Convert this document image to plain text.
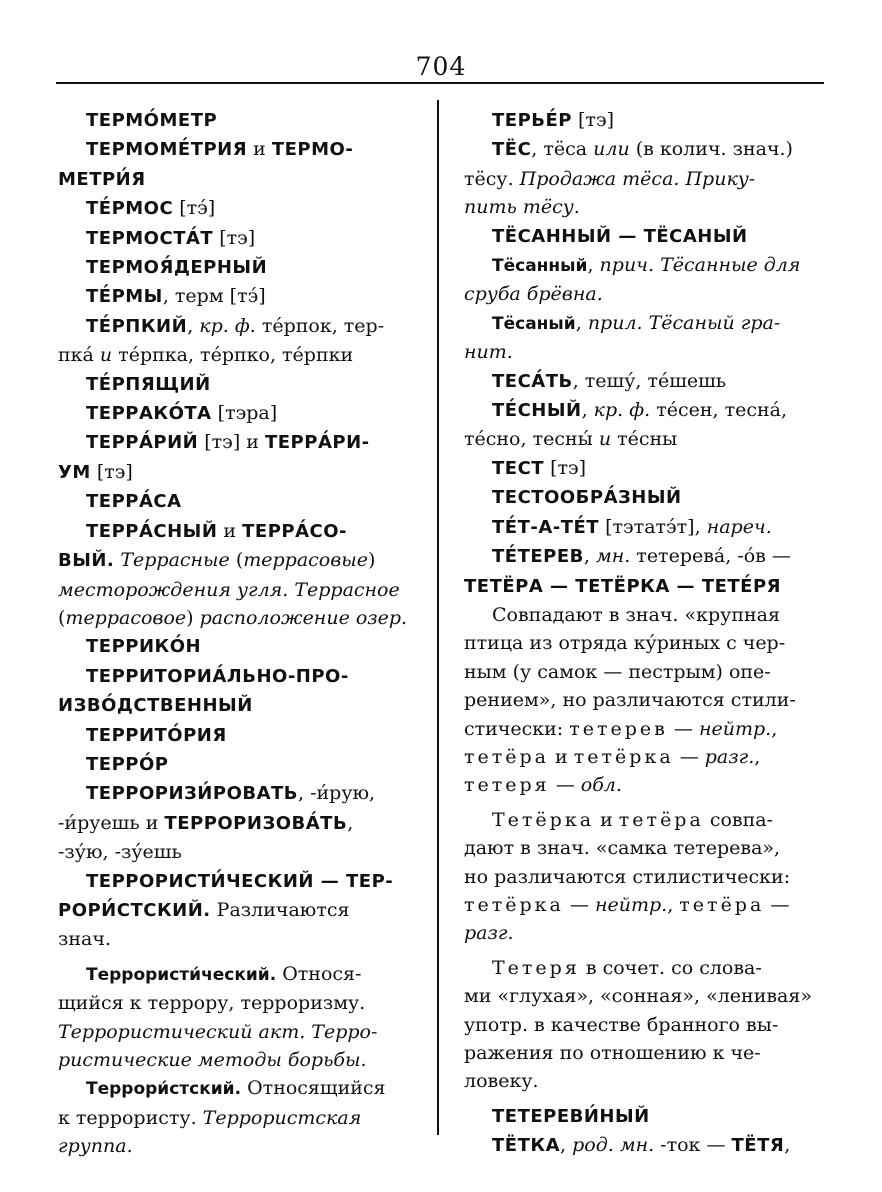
704
ТЕРМО́МЕТР
ТЕРМОМЕ́ТРИЯ и ТЕРМО-
МЕТРИ́Я
ТЕ́РМОС [тэ́]
ТЕРМОСТА́Т [тэ]
ТЕРМОЯ́ДЕРНЫЙ
ТЕ́РМЫ, терм [тэ́]
ТЕ́РПКИЙ, кр. ф. те́рпок, тер-
пка́ и те́рпка, те́рпко, те́рпки
ТЕ́РПЯЩИЙ
ТЕРРАКО́ТА [тэра]
ТЕРРА́РИЙ [тэ] и ТЕРРА́РИ-
УМ [тэ]
ТЕРРА́СА
ТЕРРА́СНЫЙ и ТЕРРА́СО-
ВЫЙ. Террасные (террасовые)
месторождения угля. Террасное
(террасовое) расположение озер.
ТЕРРИКО́Н
ТЕРРИТОРИА́ЛЬНО-ПРО-
ИЗВО́ДСТВЕННЫЙ
ТЕРРИТО́РИЯ
ТЕРРО́Р
ТЕРРОРИЗИ́РОВАТЬ, -и́рую,
-и́руешь и ТЕРРОРИЗОВА́ТЬ,
-зу́ю, -зу́ешь
ТЕРРОРИСТИ́ЧЕСКИЙ — ТЕР-
РОРИ́СТСКИЙ. Различаются
знач.
Террористи́ческий. Относя-
щийся к террору, терроризму.
Террористический акт. Терро-
ристические методы борьбы.
Террори́стский. Относящийся
к террористу. Террористская
группа.
ТЕРЬЕ́Р [тэ]
ТЁС, тёса или (в колич. знач.)
тёсу. Продажа тёса. Прику-
пить тёсу.
ТЁСАННЫЙ — ТЁСАНЫЙ
Тёсанный, прич. Тёсанные для
сруба брёвна.
Тёсаный, прил. Тёсаный гра-
нит.
ТЕСА́ТЬ, тешу́, те́шешь
ТЕ́СНЫЙ, кр. ф. те́сен, тесна́,
те́сно, тесны́ и те́сны
ТЕСТ [тэ]
ТЕСТООБРА́ЗНЫЙ
ТЕ́Т-А-ТЕ́Т [тэтатэ́т], нареч.
ТЕ́ТЕРЕВ, мн. тетерева́, -о́в —
ТЕТЁРА — ТЕТЁРКА — ТЕТЕ́РЯ
Совпадают в знач. «крупная
птица из отряда ку́риных с чер-
ным (у самок — пестрым) опе-
рением», но различаются стили-
стически: тетерев — нейтр.,
тетёра и тетёрка — разг.,
тетеря — обл.
Тетёрка и тетёра совпа-
дают в знач. «самка тетерева»,
но различаются стилистически:
тетёрка — нейтр., тетёра —
разг.
Тетеря в сочет. со слова-
ми «глухая», «сонная», «ленивая»
употр. в качестве бранного вы-
ражения по отношению к че-
ловеку.
ТЕТЕРЕВИ́НЫЙ
ТЁТКА, род. мн. -ток — ТЁТЯ,
